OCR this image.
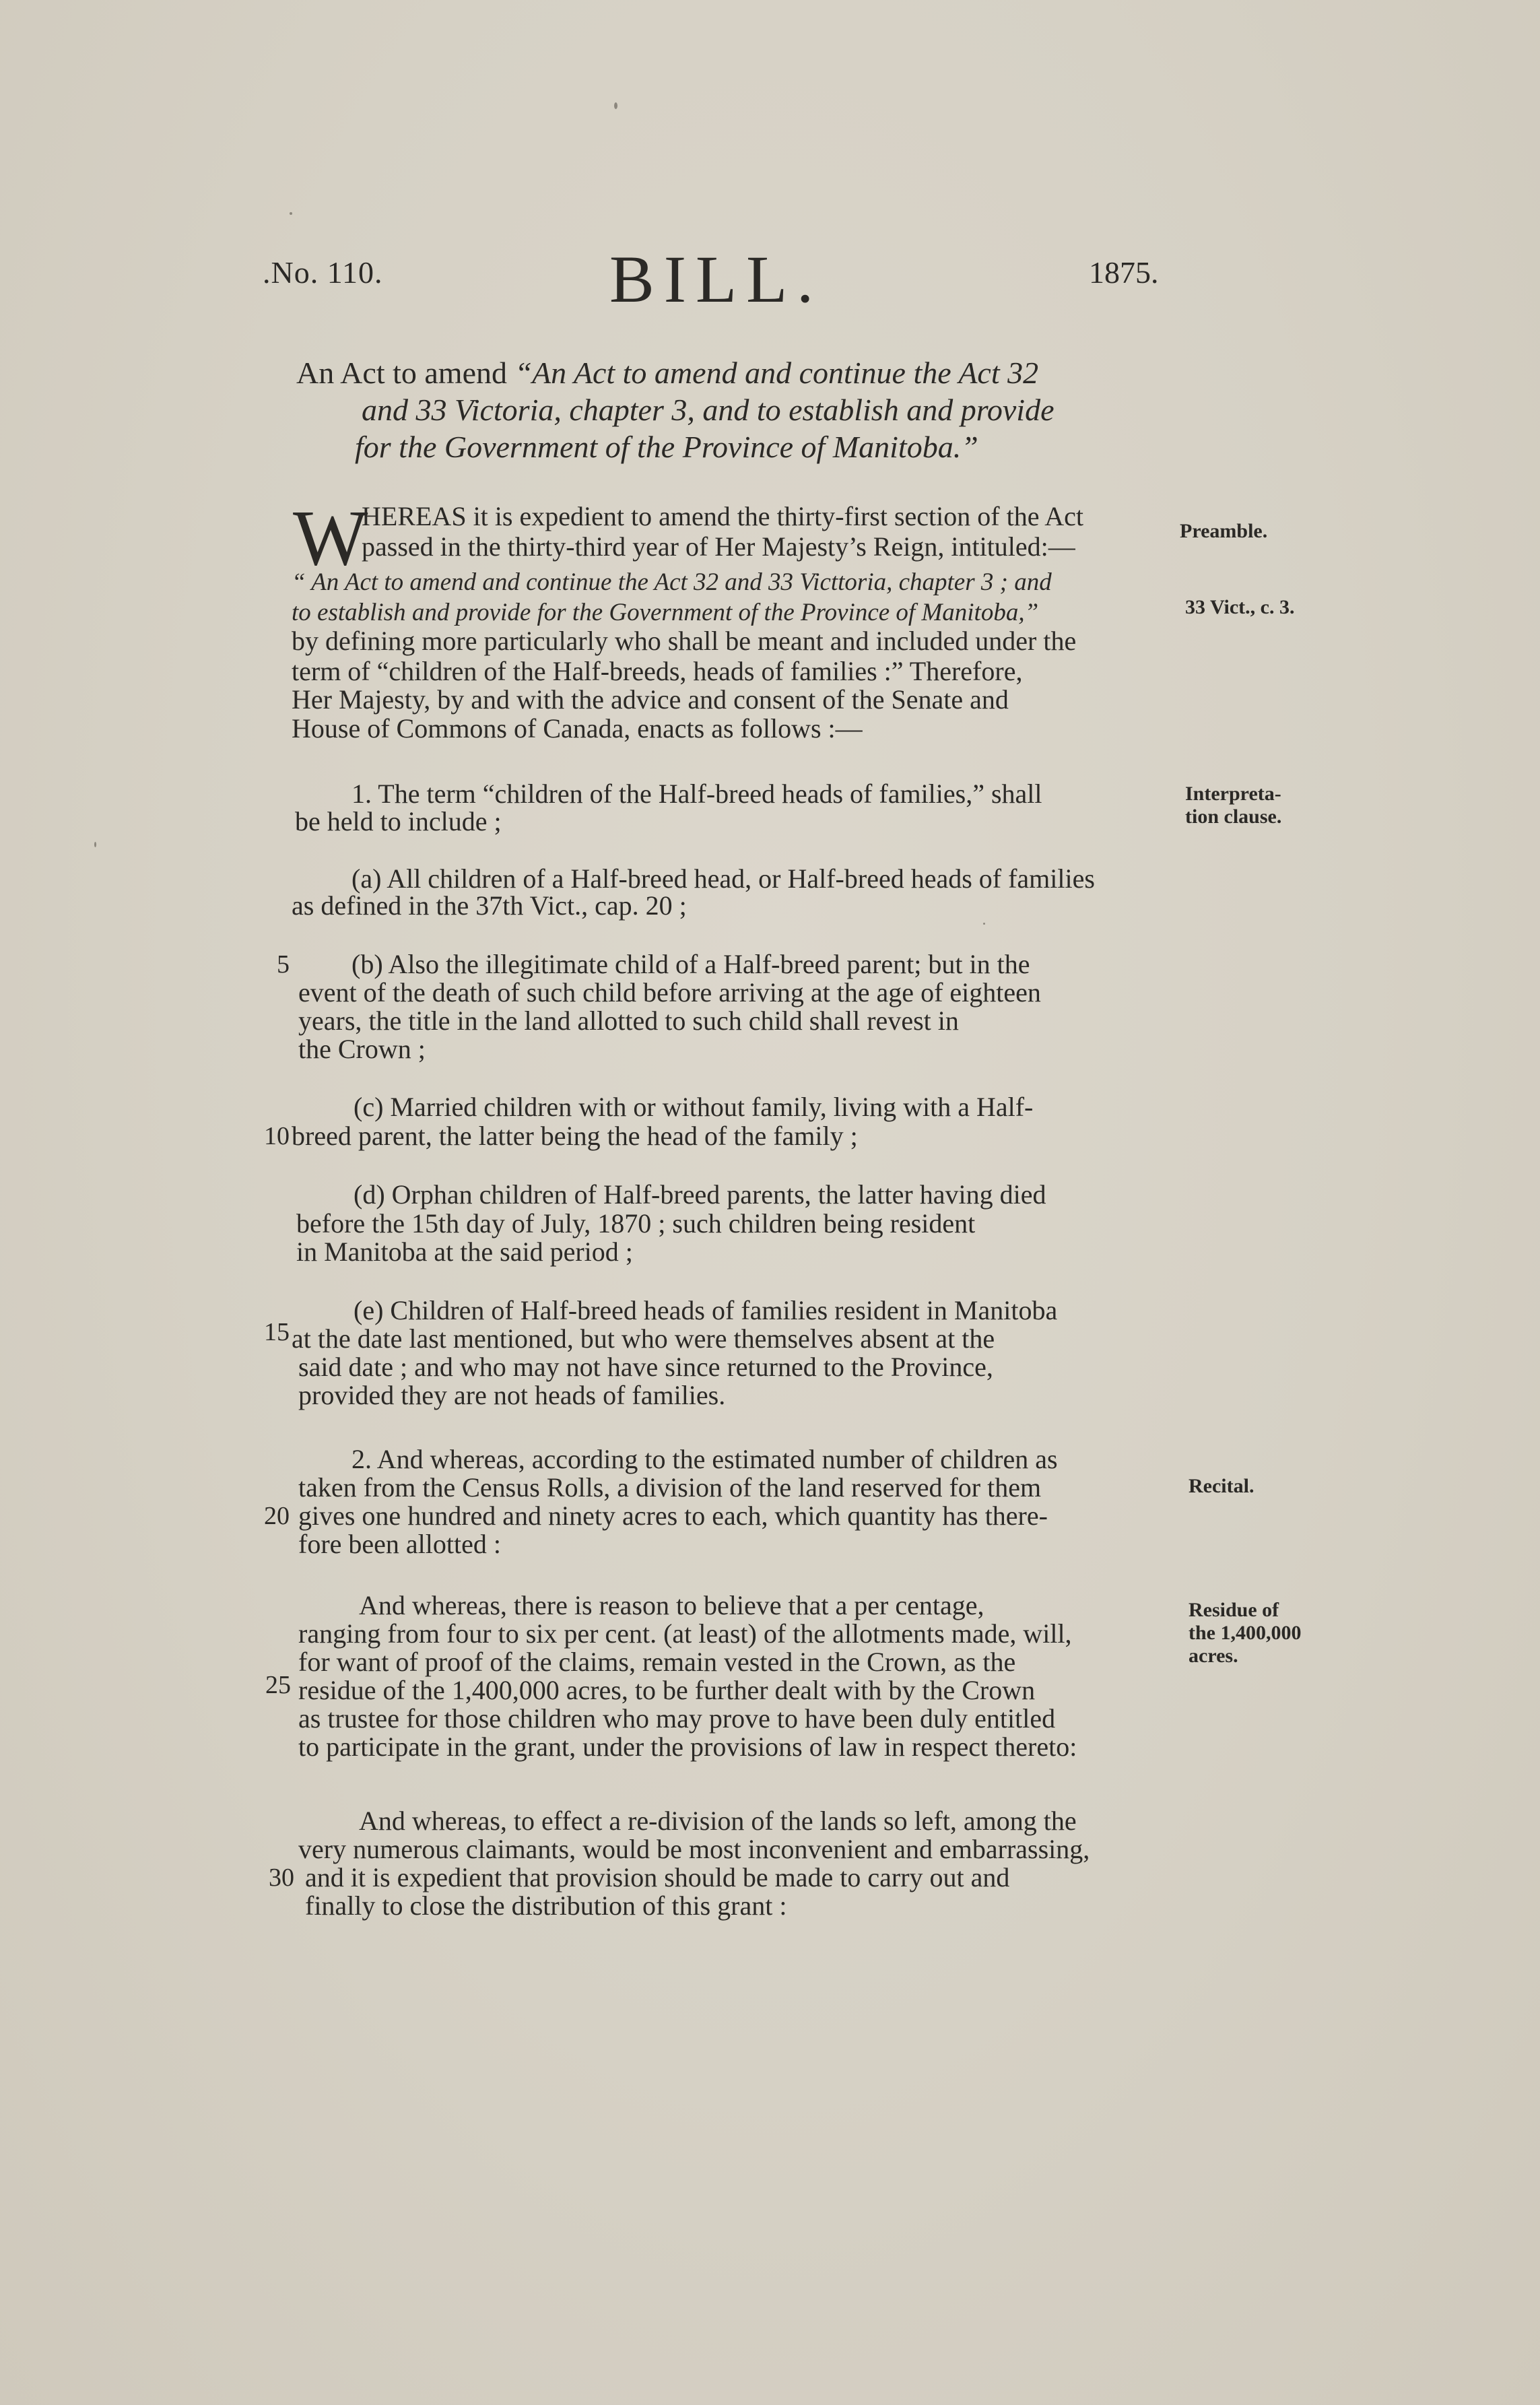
.No. 110.	BILL.	1875.
An Act to amend “An Act to amend and continue the Act 32
and 33 Victoria, chapter 3, and to establish and provide
for the Government of the Province of Manitoba.”
W
HEREAS it is expedient to amend the thirty-first section of the Act
passed in the thirty-third year of Her Majesty’s Reign, intituled:—
“ An Act to amend and continue the Act 32 and 33 Victtoria, chapter 3 ; and
to establish and provide for the Government of the Province of Manitoba,”
by defining more particularly who shall be meant and included under the
term of “children of the Half-breeds, heads of families :” Therefore,
Her Majesty, by and with the advice and consent of the Senate and
House of Commons of Canada, enacts as follows :—
1. The term “children of the Half-breed heads of families,” shall
be held to include ;
(a) All children of a Half-breed head, or Half-breed heads of families
as defined in the 37th Vict., cap. 20 ;
(b) Also the illegitimate child of a Half-breed parent; but in the
event of the death of such child before arriving at the age of eighteen
years, the title in the land allotted to such child shall revest in
the Crown ;
(c) Married children with or without family, living with a Half-
breed parent, the latter being the head of the family ;
(d) Orphan children of Half-breed parents, the latter having died
before the 15th day of July, 1870 ; such children being resident
in Manitoba at the said period ;
(e) Children of Half-breed heads of families resident in Manitoba
at the date last mentioned, but who were themselves absent at the
said date ; and who may not have since returned to the Province,
provided they are not heads of families.
2. And whereas, according to the estimated number of children as
taken from the Census Rolls, a division of the land reserved for them
gives one hundred and ninety acres to each, which quantity has there-
fore been allotted :
And whereas, there is reason to believe that a per centage,
ranging from four to six per cent. (at least) of the allotments made, will,
for want of proof of the claims, remain vested in the Crown, as the
residue of the 1,400,000 acres, to be further dealt with by the Crown
as trustee for those children who may prove to have been duly entitled
to participate in the grant, under the provisions of law in respect thereto:
And whereas, to effect a re-division of the lands so left, among the
very numerous claimants, would be most inconvenient and embarrassing,
and it is expedient that provision should be made to carry out and
finally to close the distribution of this grant :
Preamble.
33 Vict., c. 3.
Interpreta-
tion clause.
Recital.
Residue of
the 1,400,000
acres.
5
10
15
20
25
30
